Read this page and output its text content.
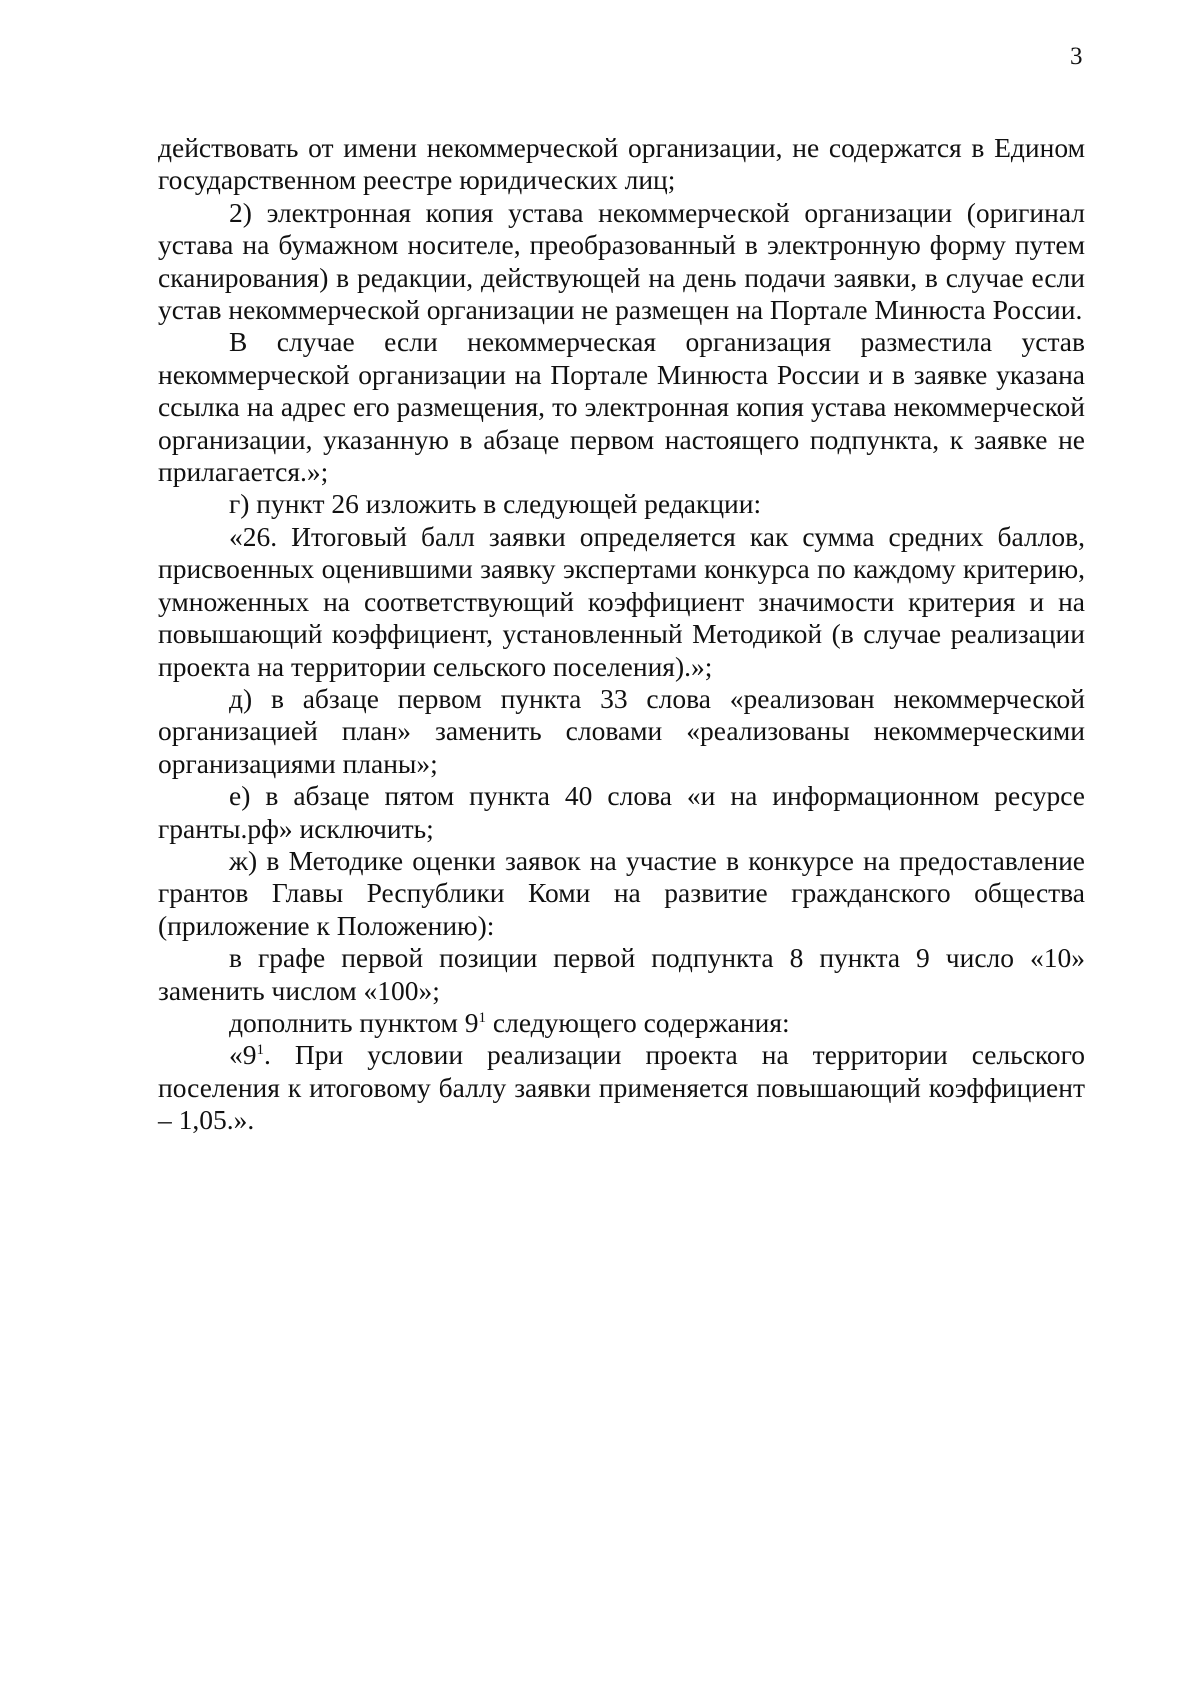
3

действовать от имени некоммерческой организации, не содержатся в Едином государственном реестре юридических лиц;

2) электронная копия устава некоммерческой организации (оригинал устава на бумажном носителе, преобразованный в электронную форму путем сканирования) в редакции, действующей на день подачи заявки, в случае если устав некоммерческой организации не размещен на Портале Минюста России.

В случае если некоммерческая организация разместила устав некоммерческой организации на Портале Минюста России и в заявке указана ссылка на адрес его размещения, то электронная копия устава некоммерческой организации, указанную в абзаце первом настоящего подпункта, к заявке не прилагается.»;

г) пункт 26 изложить в следующей редакции:

«26. Итоговый балл заявки определяется как сумма средних баллов, присвоенных оценившими заявку экспертами конкурса по каждому критерию, умноженных на соответствующий коэффициент значимости критерия и на повышающий коэффициент, установленный Методикой (в случае реализации проекта на территории сельского поселения).»;

д) в абзаце первом пункта 33 слова «реализован некоммерческой организацией план» заменить словами «реализованы некоммерческими организациями планы»;

е) в абзаце пятом пункта 40 слова «и на информационном ресурсе гранты.рф» исключить;

ж) в Методике оценки заявок на участие в конкурсе на предоставление грантов Главы Республики Коми на развитие гражданского общества (приложение к Положению):

в графе первой позиции первой подпункта 8 пункта 9 число «10» заменить числом «100»;

дополнить пунктом $9^1$ следующего содержания:

«$9^1$. При условии реализации проекта на территории сельского поселения к итоговому баллу заявки применяется повышающий коэффициент – 1,05.».
